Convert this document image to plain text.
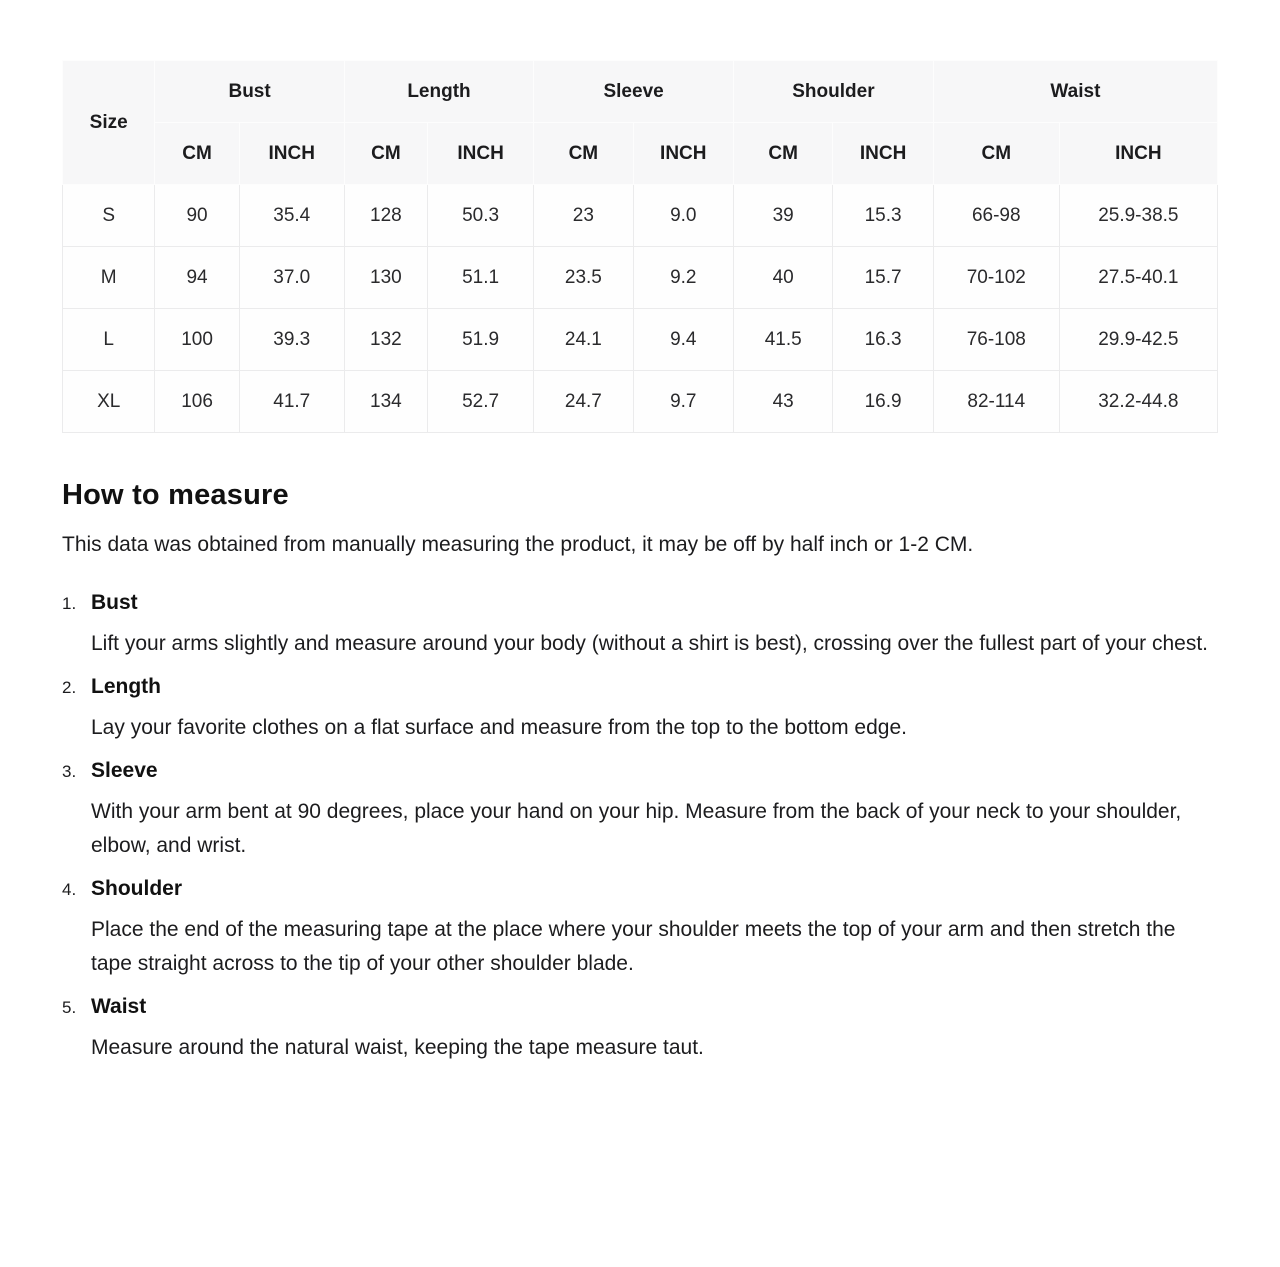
Size	Bust		Length		Sleeve		Shoulder		Waist	
	CM	INCH	CM	INCH	CM	INCH	CM	INCH	CM	INCH
S	90	35.4	128	50.3	23	9.0	39	15.3	66-98	25.9-38.5
M	94	37.0	130	51.1	23.5	9.2	40	15.7	70-102	27.5-40.1
L	100	39.3	132	51.9	24.1	9.4	41.5	16.3	76-108	29.9-42.5
XL	106	41.7	134	52.7	24.7	9.7	43	16.9	82-114	32.2-44.8
How to measure

This data was obtained from manually measuring the product, it may be off by half inch or 1-2 CM.

1. Bust

Lift your arms slightly and measure around your body (without a shirt is best), crossing over the fullest part of your chest.

2. Length

Lay your favorite clothes on a flat surface and measure from the top to the bottom edge.

3. Sleeve

With your arm bent at 90 degrees, place your hand on your hip. Measure from the back of your neck to your shoulder, elbow, and wrist.

4. Shoulder

Place the end of the measuring tape at the place where your shoulder meets the top of your arm and then stretch the tape straight across to the tip of your other shoulder blade.

5. Waist

Measure around the natural waist, keeping the tape measure taut.
